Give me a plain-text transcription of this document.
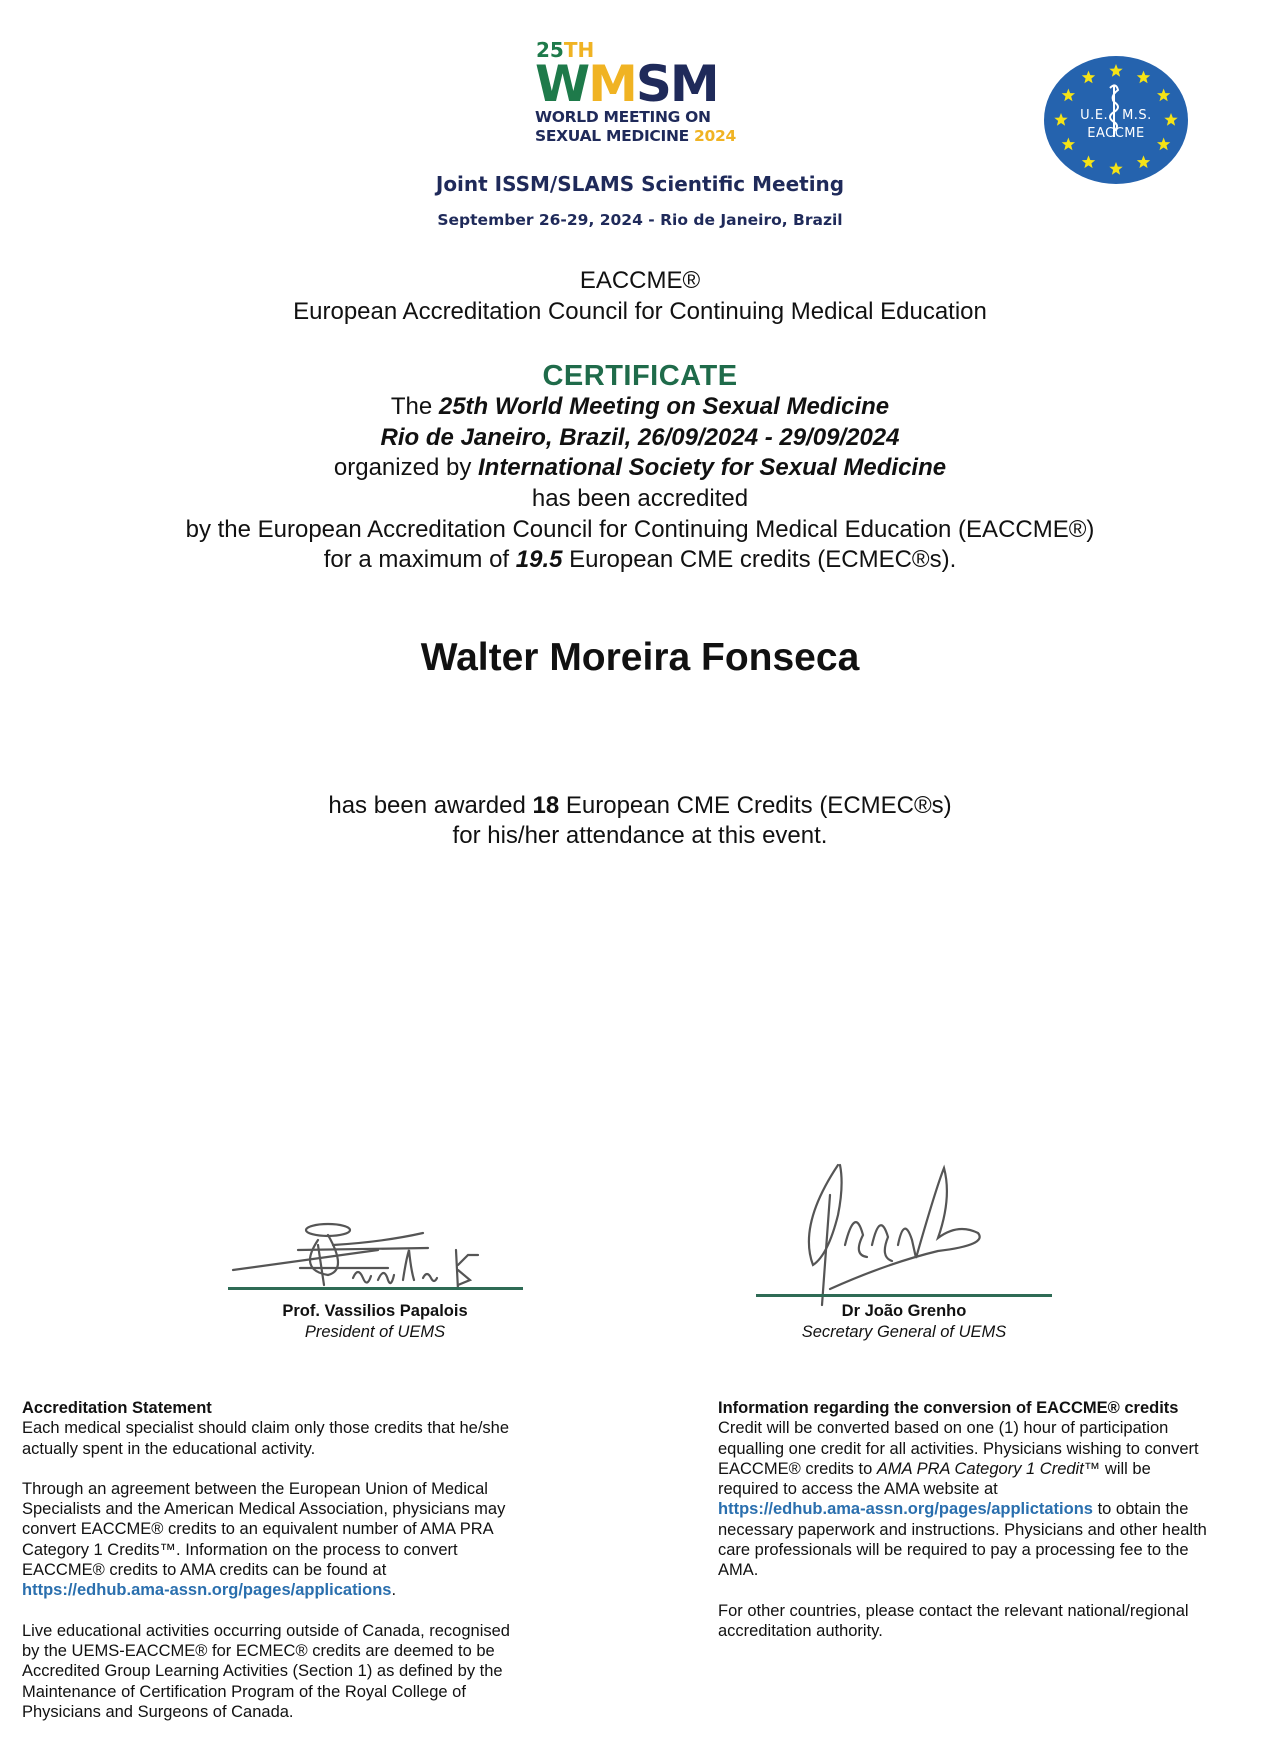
25TH
WMSM
WORLD MEETING ON
SEXUAL MEDICINE 2024
U.E. M.S.
EACCME
Joint ISSM/SLAMS Scientific Meeting
September 26-29, 2024 - Rio de Janeiro, Brazil
EACCME®
European Accreditation Council for Continuing Medical Education
CERTIFICATE
The 25th World Meeting on Sexual Medicine
Rio de Janeiro, Brazil, 26/09/2024 - 29/09/2024
organized by International Society for Sexual Medicine
has been accredited
by the European Accreditation Council for Continuing Medical Education (EACCME®)
for a maximum of 19.5 European CME credits (ECMEC®s).
Walter Moreira Fonseca
has been awarded 18 European CME Credits (ECMEC®s)
for his/her attendance at this event.
Prof. Vassilios Papalois
President of UEMS
Dr João Grenho
Secretary General of UEMS
Accreditation Statement

Each medical specialist should claim only those credits that he/she actually spent in the educational activity.

Through an agreement between the European Union of Medical Specialists and the American Medical Association, physicians may convert EACCME® credits to an equivalent number of AMA PRA Category 1 Credits™. Information on the process to convert EACCME® credits to AMA credits can be found at
https://edhub.ama-assn.org/pages/applications.

Live educational activities occurring outside of Canada, recognised by the UEMS-EACCME® for ECMEC® credits are deemed to be Accredited Group Learning Activities (Section 1) as defined by the Maintenance of Certification Program of the Royal College of Physicians and Surgeons of Canada.

Information regarding the conversion of EACCME® credits

Credit will be converted based on one (1) hour of participation equalling one credit for all activities. Physicians wishing to convert EACCME® credits to AMA PRA Category 1 Credit™ will be required to access the AMA website at
https://edhub.ama-assn.org/pages/applictations to obtain the necessary paperwork and instructions. Physicians and other health care professionals will be required to pay a processing fee to the AMA.

For other countries, please contact the relevant national/regional accreditation authority.
